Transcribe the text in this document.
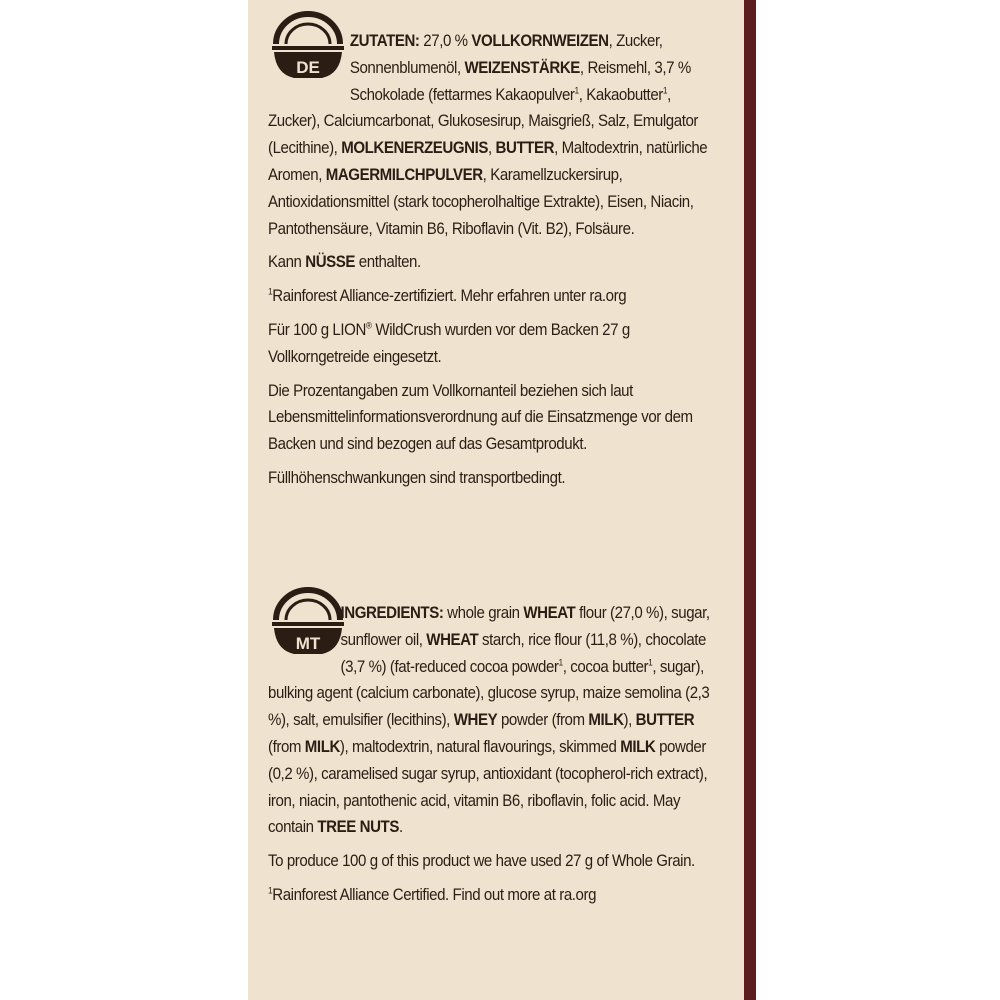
DE

ZUTATEN: 27,0 % VOLLKORNWEIZEN, Zucker, Sonnenblumenöl, WEIZENSTÄRKE, Reismehl, 3,7 % Schokolade (fettarmes Kakaopulver$^1$, Kakaobutter$^1$, Zucker), Calciumcarbonat, Glukosesirup, Maisgrieß, Salz, Emulgator (Lecithine), MOLKENERZEUGNIS, BUTTER, Maltodextrin, natürliche Aromen, MAGERMILCHPULVER, Karamellzuckersirup, Antioxidationsmittel (stark tocopherolhaltige Extrakte), Eisen, Niacin, Pantothensäure, Vitamin B6, Riboflavin (Vit. B2), Folsäure.

Kann NÜSSE enthalten.

$^1$Rainforest Alliance-zertifiziert. Mehr erfahren unter ra.org

Für 100 g LION® WildCrush wurden vor dem Backen 27 g Vollkorngetreide eingesetzt.

Die Prozentangaben zum Vollkornanteil beziehen sich laut Lebensmittelinformationsverordnung auf die Einsatzmenge vor dem Backen und sind bezogen auf das Gesamtprodukt.

Füllhöhenschwankungen sind transportbedingt.

MT

INGREDIENTS: whole grain WHEAT flour (27,0 %), sugar, sunflower oil, WHEAT starch, rice flour (11,8 %), chocolate (3,7 %) (fat-reduced cocoa powder$^1$, cocoa butter$^1$, sugar), bulking agent (calcium carbonate), glucose syrup, maize semolina (2,3 %), salt, emulsifier (lecithins), WHEY powder (from MILK), BUTTER (from MILK), maltodextrin, natural flavourings, skimmed MILK powder (0,2 %), caramelised sugar syrup, antioxidant (tocopherol-rich extract), iron, niacin, pantothenic acid, vitamin B6, riboflavin, folic acid. May contain TREE NUTS.

To produce 100 g of this product we have used 27 g of Whole Grain.

$^1$Rainforest Alliance Certified. Find out more at ra.org
